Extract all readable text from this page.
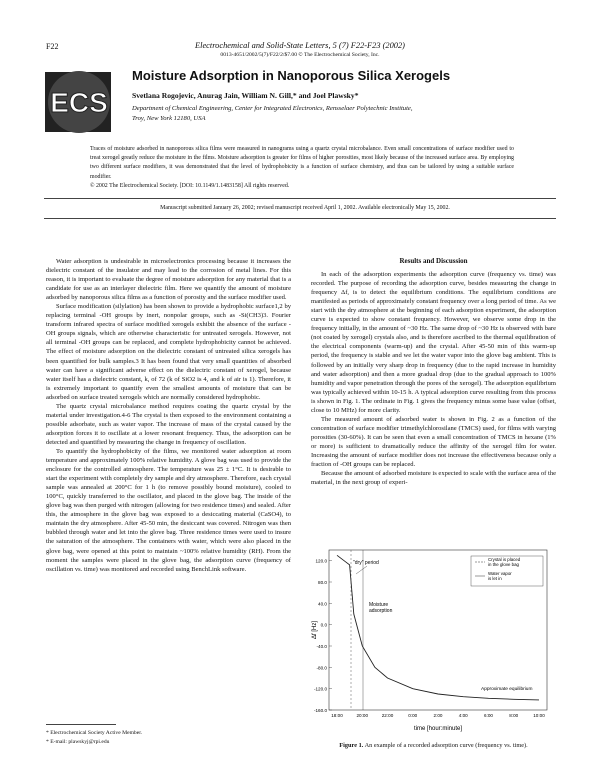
F22	Electrochemical and Solid-State Letters, 5 (7) F22-F23 (2002)
0013-4651/2002/5(7)/F22/2/$7.00 © The Electrochemical Society, Inc.
ECS
Moisture Adsorption in Nanoporous Silica Xerogels
Svetlana Rogojevic, Anurag Jain, William N. Gill,* and Joel Plawsky*
Department of Chemical Engineering, Center for Integrated Electronics, Rensselaer Polytechnic Institute,
Troy, New York 12180, USA

Traces of moisture adsorbed in nanoporous silica films were measured in nanograms using a quartz crystal microbalance. Even small concentrations of surface modifier used to treat xerogel greatly reduce the moisture in the films. Moisture adsorption is greater for films of higher porosities, most likely because of the increased surface area. By employing two different surface modifiers, it was demonstrated that the level of hydrophobicity is a function of surface chemistry, and thus can be tailored by using a suitable surface modifier.

© 2002 The Electrochemical Society. [DOI: 10.1149/1.1483158] All rights reserved.

Manuscript submitted January 26, 2002; revised manuscript received April 1, 2002. Available electronically May 15, 2002.

Water adsorption is undesirable in microelectronics processing because it increases the dielectric constant of the insulator and may lead to the corrosion of metal lines. For this reason, it is important to evaluate the degree of moisture adsorption for any material that is a candidate for use as an interlayer dielectric film. Here we quantify the amount of moisture adsorbed by nanoporous silica films as a function of porosity and the surface modifier used.

Surface modification (silylation) has been shown to provide a hydrophobic surface1,2 by replacing terminal -OH groups by inert, nonpolar groups, such as -Si(CH3)3. Fourier transform infrared spectra of surface modified xerogels exhibit the absence of the surface -OH groups signals, which are otherwise characteristic for untreated xerogels. However, not all terminal -OH groups can be replaced, and complete hydrophobicity cannot be achieved. The effect of moisture adsorption on the dielectric constant of untreated silica xerogels has been quantified for bulk samples.3 It has been found that very small quantities of absorbed water can have a significant adverse effect on the dielectric constant of xerogel, because water itself has a dielectric constant, k, of 72 (k of SiO2 is 4, and k of air is 1). Therefore, it is extremely important to quantify even the smallest amounts of moisture that can be adsorbed on surface treated xerogels which are normally considered hydrophobic.

The quartz crystal microbalance method requires coating the quartz crystal by the material under investigation.4-6 The crystal is then exposed to the environment containing a possible adsorbate, such as water vapor. The increase of mass of the crystal caused by the adsorption forces it to oscillate at a lower resonant frequency. Thus, the adsorption can be detected and quantified by measuring the change in frequency of oscillation.

To quantify the hydrophobicity of the films, we monitored water adsorption at room temperature and approximately 100% relative humidity. A glove bag was used to provide the enclosure for the controlled atmosphere. The temperature was 25 ± 1°C. It is desirable to start the experiment with completely dry sample and dry atmosphere. Therefore, each crystal sample was annealed at 200°C for 1 h (to remove possibly bound moisture), cooled to 100°C, quickly transferred to the oscillator, and placed in the glove bag. The inside of the glove bag was then purged with nitrogen (allowing for two residence times) and sealed. After this, the atmosphere in the glove bag was exposed to a desiccating material (CaSO4), to maintain the dry atmosphere. After 45-50 min, the desiccant was covered. Nitrogen was then bubbled through water and let into the glove bag. Three residence times were used to insure the saturation of the atmosphere. The containers with water, which were also placed in the glove bag, were opened at this point to maintain ~100% relative humidity (RH). From the moment the samples were placed in the glove bag, the adsorption curve (frequency of oscillation vs. time) was monitored and recorded using BenchLink software.

Results and Discussion

In each of the adsorption experiments the adsorption curve (frequency vs. time) was recorded. The purpose of recording the adsorption curve, besides measuring the change in frequency Δf, is to detect the equilibrium conditions. The equilibrium conditions are manifested as periods of approximately constant frequency over a long period of time. As we start with the dry atmosphere at the beginning of each adsorption experiment, the adsorption curve is expected to show constant frequency. However, we observe some drop in the frequency initially, in the amount of ~30 Hz. The same drop of ~30 Hz is observed with bare (not coated by xerogel) crystals also, and is therefore ascribed to the thermal equilibration of the electrical components (warm-up) and the crystal. After 45-50 min of this warm-up period, the frequency is stable and we let the water vapor into the glove bag ambient. This is followed by an initially very sharp drop in frequency (due to the rapid increase in humidity and water adsorption) and then a more gradual drop (due to the gradual approach to 100% humidity and vapor penetration through the pores of the xerogel). The adsorption equilibrium was typically achieved within 10-15 h. A typical adsorption curve resulting from this process is shown in Fig. 1. The ordinate in Fig. 1 gives the frequency minus some base value (offset, close to 10 MHz) for more clarity.

The measured amount of adsorbed water is shown in Fig. 2 as a function of the concentration of surface modifier trimethylchlorosilane (TMCS) used, for films with varying porosities (30-60%). It can be seen that even a small concentration of TMCS in hexane (1% or more) is sufficient to dramatically reduce the affinity of the xerogel film for water. Increasing the amount of surface modifier does not increase the effectiveness because only a fraction of -OH groups can be replaced.

Because the amount of adsorbed moisture is expected to scale with the surface area of the material, in the next group of experi-

120.0
80.0
40.0
0.0
-40.0
-80.0
-120.0
-160.0
18:00	20:00	22:00	0:00	2:00	4:00	6:00	8:00	10:00
Δf [Hz]
time [hour:minute]
"dry" period
Moisture
adsorption
Crystal is placed
in the glove bag
Water vapor
is let in
Approximate equilibrium
Figure 1. An example of a recorded adsorption curve (frequency vs. time).
* Electrochemical Society Active Member.
* E-mail: plawskyj@rpi.edu
